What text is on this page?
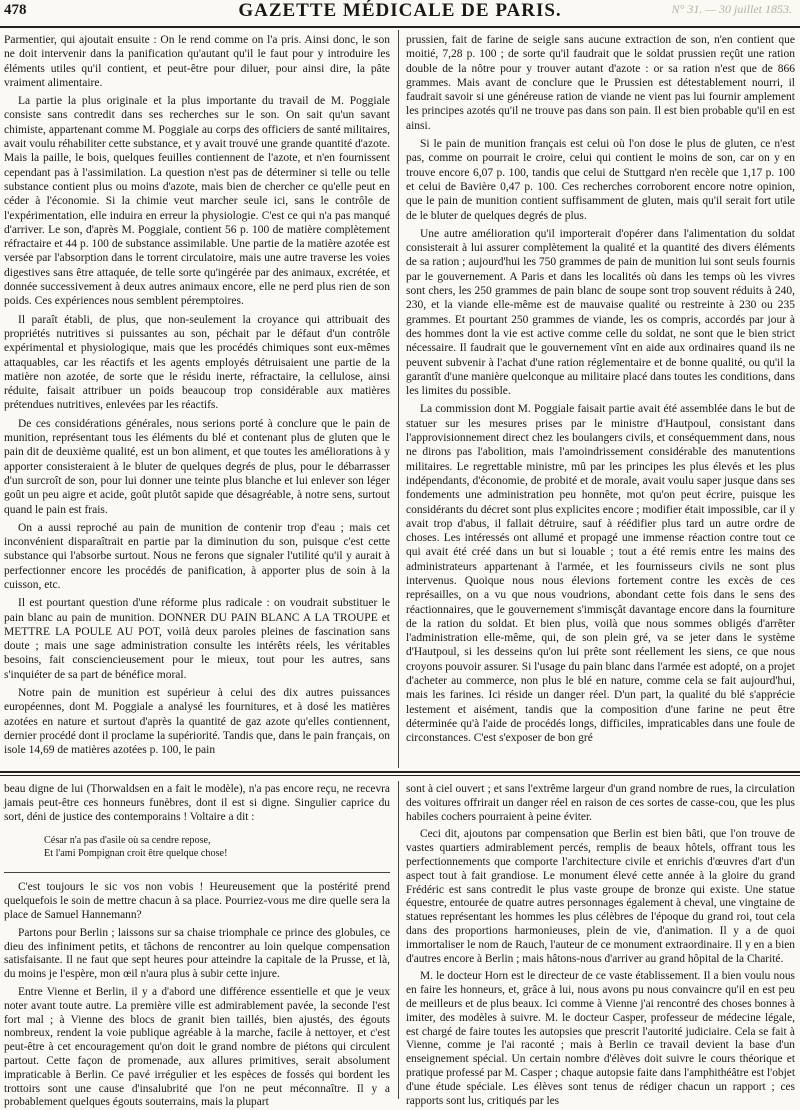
478	GAZETTE MÉDICALE DE PARIS.	N° 31. — 30 juillet 1853.

Parmentier, qui ajoutait ensuite : On le rend comme on l'a pris. Ainsi donc, le son ne doit intervenir dans la panification qu'autant qu'il le faut pour y introduire les éléments utiles qu'il contient, et peut-être pour diluer, pour ainsi dire, la pâte vraiment alimentaire.

La partie la plus originale et la plus importante du travail de M. Poggiale consiste sans contredit dans ses recherches sur le son. On sait qu'un savant chimiste, appartenant comme M. Poggiale au corps des officiers de santé militaires, avait voulu réhabiliter cette substance, et y avait trouvé une grande quantité d'azote. Mais la paille, le bois, quelques feuilles contiennent de l'azote, et n'en fournissent cependant pas à l'assimilation. La question n'est pas de déterminer si telle ou telle substance contient plus ou moins d'azote, mais bien de chercher ce qu'elle peut en céder à l'économie. Si la chimie veut marcher seule ici, sans le contrôle de l'expérimentation, elle induira en erreur la physiologie. C'est ce qui n'a pas manqué d'arriver. Le son, d'après M. Poggiale, contient 56 p. 100 de matière complètement réfractaire et 44 p. 100 de substance assimilable. Une partie de la matière azotée est versée par l'absorption dans le torrent circulatoire, mais une autre traverse les voies digestives sans être attaquée, de telle sorte qu'ingérée par des animaux, excrétée, et donnée successivement à deux autres animaux encore, elle ne perd plus rien de son poids. Ces expériences nous semblent péremptoires.

Il paraît établi, de plus, que non-seulement la croyance qui attribuait des propriétés nutritives si puissantes au son, péchait par le défaut d'un contrôle expérimental et physiologique, mais que les procédés chimiques sont eux-mêmes attaquables, car les réactifs et les agents employés détruisaient une partie de la matière non azotée, de sorte que le résidu inerte, réfractaire, la cellulose, ainsi réduite, faisait attribuer un poids beaucoup trop considérable aux matières prétendues nutritives, enlevées par les réactifs.

De ces considérations générales, nous serions porté à conclure que le pain de munition, représentant tous les éléments du blé et contenant plus de gluten que le pain dit de deuxième qualité, est un bon aliment, et que toutes les améliorations à y apporter consisteraient à le bluter de quelques degrés de plus, pour le débarrasser d'un surcroît de son, pour lui donner une teinte plus blanche et lui enlever son léger goût un peu aigre et acide, goût plutôt sapide que désagréable, à notre sens, surtout quand le pain est frais.

On a aussi reproché au pain de munition de contenir trop d'eau ; mais cet inconvénient disparaîtrait en partie par la diminution du son, puisque c'est cette substance qui l'absorbe surtout. Nous ne ferons que signaler l'utilité qu'il y aurait à perfectionner encore les procédés de panification, à apporter plus de soin à la cuisson, etc.

Il est pourtant question d'une réforme plus radicale : on voudrait substituer le pain blanc au pain de munition. DONNER DU PAIN BLANC A LA TROUPE et METTRE LA POULE AU POT, voilà deux paroles pleines de fascination sans doute ; mais une sage administration consulte les intérêts réels, les véritables besoins, fait consciencieusement pour le mieux, tout pour les autres, sans s'inquiéter de sa part de bénéfice moral.

Notre pain de munition est supérieur à celui des dix autres puissances européennes, dont M. Poggiale a analysé les fournitures, et à dosé les matières azotées en nature et surtout d'après la quantité de gaz azote qu'elles contiennent, dernier procédé dont il proclame la supériorité. Tandis que, dans le pain français, on isole 14,69 de matières azotées p. 100, le pain

prussien, fait de farine de seigle sans aucune extraction de son, n'en contient que moitié, 7,28 p. 100 ; de sorte qu'il faudrait que le soldat prussien reçût une ration double de la nôtre pour y trouver autant d'azote : or sa ration n'est que de 866 grammes. Mais avant de conclure que le Prussien est détestablement nourri, il faudrait savoir si une généreuse ration de viande ne vient pas lui fournir amplement les principes azotés qu'il ne trouve pas dans son pain. Il est bien probable qu'il en est ainsi.

Si le pain de munition français est celui où l'on dose le plus de gluten, ce n'est pas, comme on pourrait le croire, celui qui contient le moins de son, car on y en trouve encore 6,07 p. 100, tandis que celui de Stuttgard n'en recèle que 1,17 p. 100 et celui de Bavière 0,47 p. 100. Ces recherches corroborent encore notre opinion, que le pain de munition contient suffisamment de gluten, mais qu'il serait fort utile de le bluter de quelques degrés de plus.

Une autre amélioration qu'il importerait d'opérer dans l'alimentation du soldat consisterait à lui assurer complètement la qualité et la quantité des divers éléments de sa ration ; aujourd'hui les 750 grammes de pain de munition lui sont seuls fournis par le gouvernement. A Paris et dans les localités où dans les temps où les vivres sont chers, les 250 grammes de pain blanc de soupe sont trop souvent réduits à 240, 230, et la viande elle-même est de mauvaise qualité ou restreinte à 230 ou 235 grammes. Et pourtant 250 grammes de viande, les os compris, accordés par jour à des hommes dont la vie est active comme celle du soldat, ne sont que le bien strict nécessaire. Il faudrait que le gouvernement vînt en aide aux ordinaires quand ils ne peuvent subvenir à l'achat d'une ration réglementaire et de bonne qualité, ou qu'il la garantît d'une manière quelconque au militaire placé dans toutes les conditions, dans les limites du possible.

La commission dont M. Poggiale faisait partie avait été assemblée dans le but de statuer sur les mesures prises par le ministre d'Hautpoul, consistant dans l'approvisionnement direct chez les boulangers civils, et conséquemment dans, nous ne dirons pas l'abolition, mais l'amoindrissement considérable des manutentions militaires. Le regrettable ministre, mû par les principes les plus élevés et les plus indépendants, d'économie, de probité et de morale, avait voulu saper jusque dans ses fondements une administration peu honnête, mot qu'on peut écrire, puisque les considérants du décret sont plus explicites encore ; modifier était impossible, car il y avait trop d'abus, il fallait détruire, sauf à réédifier plus tard un autre ordre de choses. Les intéressés ont allumé et propagé une immense réaction contre tout ce qui avait été créé dans un but si louable ; tout a été remis entre les mains des administrateurs appartenant à l'armée, et les fournisseurs civils ne sont plus intervenus. Quoique nous nous élevions fortement contre les excès de ces représailles, on a vu que nous voudrions, abondant cette fois dans le sens des réactionnaires, que le gouvernement s'immisçât davantage encore dans la fourniture de la ration du soldat. Et bien plus, voilà que nous sommes obligés d'arrêter l'administration elle-même, qui, de son plein gré, va se jeter dans le système d'Hautpoul, si les desseins qu'on lui prête sont réellement les siens, ce que nous croyons pouvoir assurer. Si l'usage du pain blanc dans l'armée est adopté, on a projet d'acheter au commerce, non plus le blé en nature, comme cela se fait aujourd'hui, mais les farines. Ici réside un danger réel. D'un part, la qualité du blé s'apprécie lestement et aisément, tandis que la composition d'une farine ne peut être déterminée qu'à l'aide de procédés longs, difficiles, impraticables dans une foule de circonstances. C'est s'exposer de bon gré

beau digne de lui (Thorwaldsen en a fait le modèle), n'a pas encore reçu, ne recevra jamais peut-être ces honneurs funèbres, dont il est si digne. Singulier caprice du sort, déni de justice des contemporains ! Voltaire a dit :

César n'a pas d'asile où sa cendre repose,
Et l'ami Pompignan croit être quelque chose!

C'est toujours le sic vos non vobis ! Heureusement que la postérité prend quelquefois le soin de mettre chacun à sa place. Pourriez-vous me dire quelle sera la place de Samuel Hannemann?

Partons pour Berlin ; laissons sur sa chaise triomphale ce prince des globules, ce dieu des infiniment petits, et tâchons de rencontrer au loin quelque compensation satisfaisante. Il ne faut que sept heures pour atteindre la capitale de la Prusse, et là, du moins je l'espère, mon œil n'aura plus à subir cette injure.

Entre Vienne et Berlin, il y a d'abord une différence essentielle et que je veux noter avant toute autre. La première ville est admirablement pavée, la seconde l'est fort mal ; à Vienne des blocs de granit bien taillés, bien ajustés, des égouts nombreux, rendent la voie publique agréable à la marche, facile à nettoyer, et c'est peut-être à cet encouragement qu'on doit le grand nombre de piétons qui circulent partout. Cette façon de promenade, aux allures primitives, serait absolument impraticable à Berlin. Ce pavé irrégulier et les espèces de fossés qui bordent les trottoirs sont une cause d'insalubrité que l'on ne peut méconnaître. Il y a probablement quelques égouts souterrains, mais la plupart

sont à ciel ouvert ; et sans l'extrême largeur d'un grand nombre de rues, la circulation des voitures offrirait un danger réel en raison de ces sortes de casse-cou, que les plus habiles cochers pourraient à peine éviter.

Ceci dit, ajoutons par compensation que Berlin est bien bâti, que l'on trouve de vastes quartiers admirablement percés, remplis de beaux hôtels, offrant tous les perfectionnements que comporte l'architecture civile et enrichis d'œuvres d'art d'un aspect tout à fait grandiose. Le monument élevé cette année à la gloire du grand Frédéric est sans contredit le plus vaste groupe de bronze qui existe. Une statue équestre, entourée de quatre autres personnages également à cheval, une vingtaine de statues représentant les hommes les plus célèbres de l'époque du grand roi, tout cela dans des proportions harmonieuses, plein de vie, d'animation. Il y a de quoi immortaliser le nom de Rauch, l'auteur de ce monument extraordinaire. Il y en a bien d'autres encore à Berlin ; mais hâtons-nous d'arriver au grand hôpital de la Charité.

M. le docteur Horn est le directeur de ce vaste établissement. Il a bien voulu nous en faire les honneurs, et, grâce à lui, nous avons pu nous convaincre qu'il en est peu de meilleurs et de plus beaux. Ici comme à Vienne j'ai rencontré des choses bonnes à imiter, des modèles à suivre. M. le docteur Casper, professeur de médecine légale, est chargé de faire toutes les autopsies que prescrit l'autorité judiciaire. Cela se fait à Vienne, comme je l'ai raconté ; mais à Berlin ce travail devient la base d'un enseignement spécial. Un certain nombre d'élèves doit suivre le cours théorique et pratique professé par M. Casper ; chaque autopsie faite dans l'amphithéâtre est l'objet d'une étude spéciale. Les élèves sont tenus de rédiger chacun un rapport ; ces rapports sont lus, critiqués par les
